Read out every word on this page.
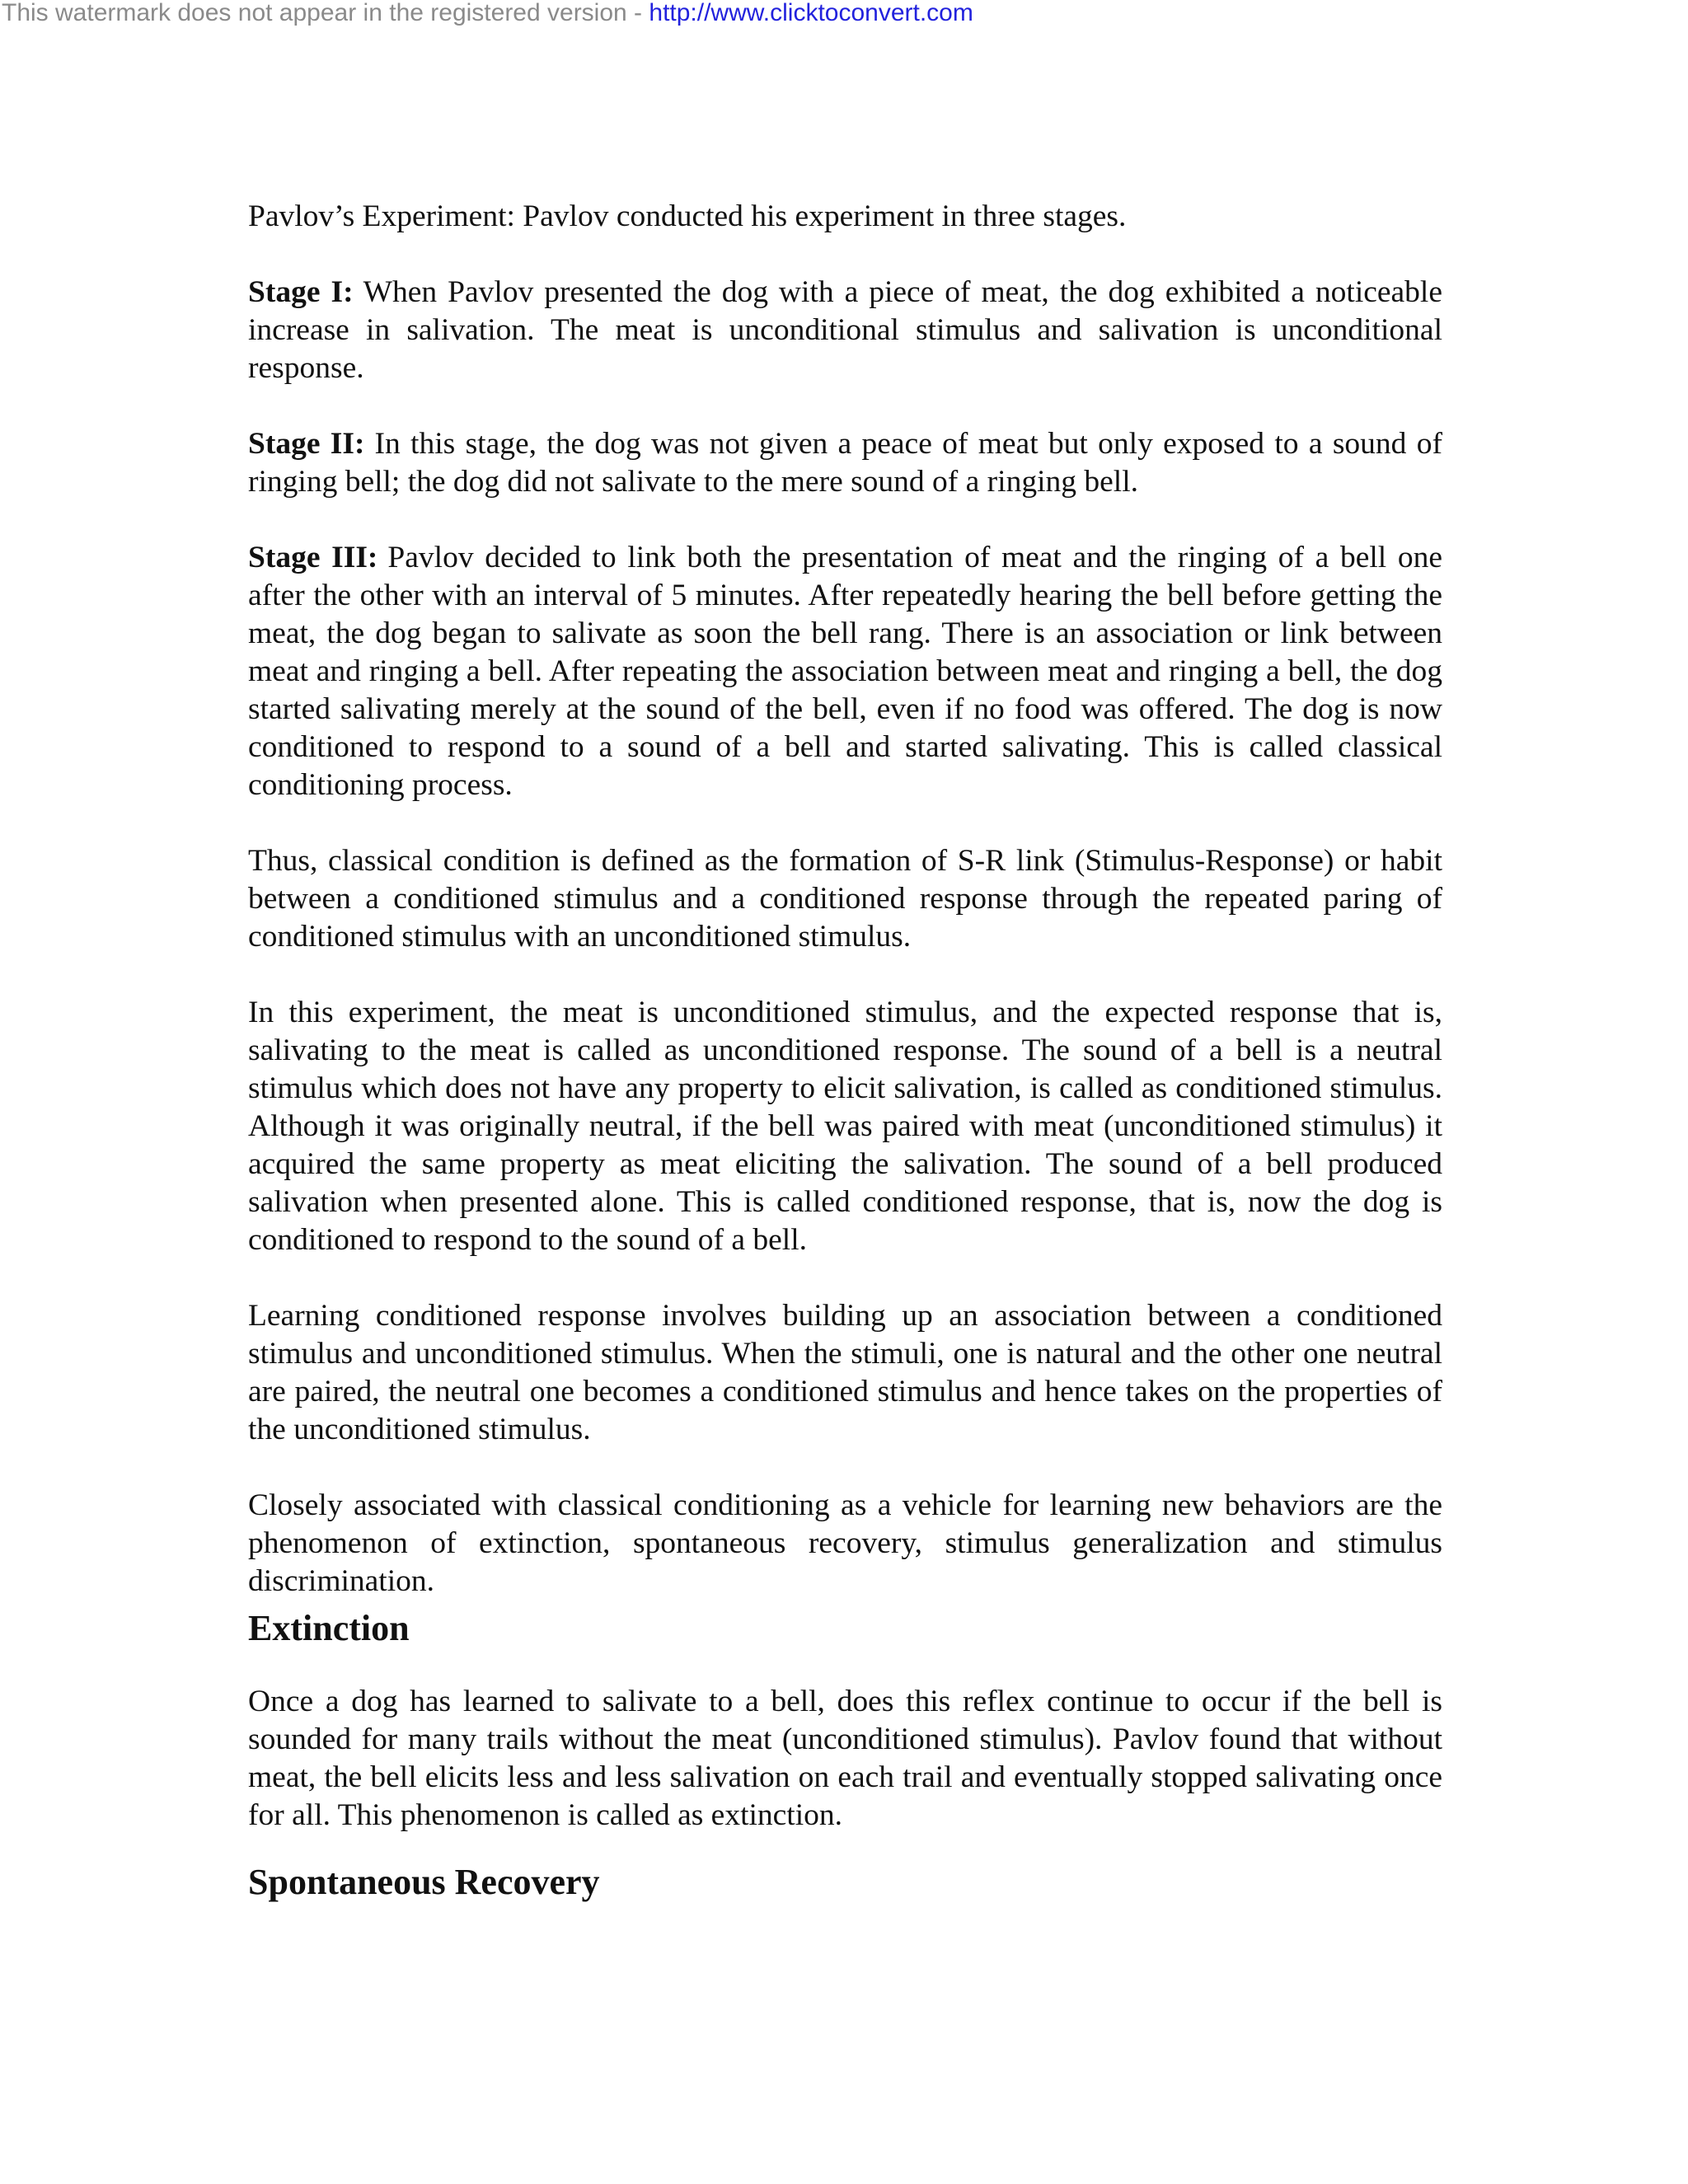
This watermark does not appear in the registered version - http://www.clicktoconvert.com

Pavlov’s Experiment: Pavlov conducted his experiment in three stages.

Stage I: When Pavlov presented the dog with a piece of meat, the dog exhibited a noticeable increase in salivation. The meat is unconditional stimulus and salivation is unconditional response.

Stage II: In this stage, the dog was not given a peace of meat but only exposed to a sound of ringing bell; the dog did not salivate to the mere sound of a ringing bell.

Stage III: Pavlov decided to link both the presentation of meat and the ringing of a bell one after the other with an interval of 5 minutes. After repeatedly hearing the bell before getting the meat, the dog began to salivate as soon the bell rang. There is an association or link between meat and ringing a bell. After repeating the association between meat and ringing a bell, the dog started salivating merely at the sound of the bell, even if no food was offered. The dog is now conditioned to respond to a sound of a bell and started salivating. This is called classical conditioning process.

Thus, classical condition is defined as the formation of S-R link (Stimulus-Response) or habit between a conditioned stimulus and a conditioned response through the repeated paring of conditioned stimulus with an unconditioned stimulus.

In this experiment, the meat is unconditioned stimulus, and the expected response that is, salivating to the meat is called as unconditioned response. The sound of a bell is a neutral stimulus which does not have any property to elicit salivation, is called as conditioned stimulus. Although it was originally neutral, if the bell was paired with meat (unconditioned stimulus) it acquired the same property as meat eliciting the salivation. The sound of a bell produced salivation when presented alone. This is called conditioned response, that is, now the dog is conditioned to respond to the sound of a bell.

Learning conditioned response involves building up an association between a conditioned stimulus and unconditioned stimulus. When the stimuli, one is natural and the other one neutral are paired, the neutral one becomes a conditioned stimulus and hence takes on the properties of the unconditioned stimulus.

Closely associated with classical conditioning as a vehicle for learning new behaviors are the phenomenon of extinction, spontaneous recovery, stimulus generalization and stimulus discrimination.

Extinction

Once a dog has learned to salivate to a bell, does this reflex continue to occur if the bell is sounded for many trails without the meat (unconditioned stimulus). Pavlov found that without meat, the bell elicits less and less salivation on each trail and eventually stopped salivating once for all. This phenomenon is called as extinction.

Spontaneous Recovery
